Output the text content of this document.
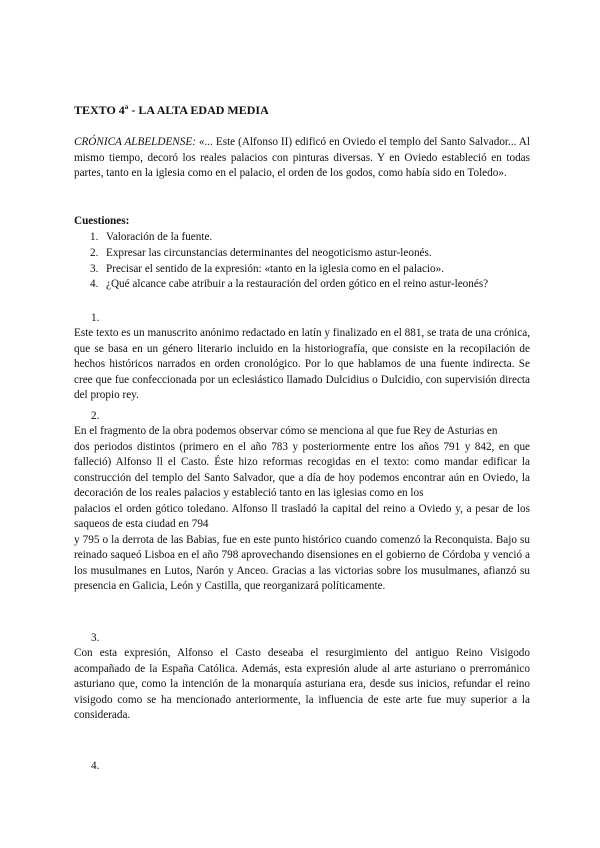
TEXTO 4ª - LA ALTA EDAD MEDIA
CRÓNICA ALBELDENSE: «... Este (Alfonso II) edificó en Oviedo el templo del Santo Salvador... Al mismo tiempo, decoró los reales palacios con pinturas diversas. Y en Oviedo estableció en todas partes, tanto en la iglesia como en el palacio, el orden de los godos, como había sido en Toledo».
Cuestiones:
1. Valoración de la fuente.
2. Expresar las circunstancias determinantes del neogoticismo astur-leonés.
3. Precisar el sentido de la expresión: «tanto en la iglesia como en el palacio».
4. ¿Qué alcance cabe atribuir a la restauración del orden gótico en el reino astur-leonés?
1.

Este texto es un manuscrito anónimo redactado en latín y finalizado en el 881, se trata de una crónica, que se basa en un género literario incluido en la historiografía, que consiste en la recopilación de hechos históricos narrados en orden cronológico. Por lo que hablamos de una fuente indirecta. Se cree que fue confeccionada por un eclesiástico llamado Dulcidius o Dulcidio, con supervisión directa del propio rey.

2.

En el fragmento de la obra podemos observar cómo se menciona al que fue Rey de Asturias en

dos periodos distintos (primero en el año 783 y posteriormente entre los años 791 y 842, en que falleció) Alfonso ll el Casto. Éste hizo reformas recogidas en el texto: como mandar edificar la construcción del templo del Santo Salvador, que a día de hoy podemos encontrar aún en Oviedo, la decoración de los reales palacios y estableció tanto en las iglesias como en los

palacios el orden gótico toledano. Alfonso ll trasladó la capital del reino a Oviedo y, a pesar de los saqueos de esta ciudad en 794

y 795 o la derrota de las Babias, fue en este punto histórico cuando comenzó la Reconquista. Bajo su reinado saqueó Lisboa en el año 798 aprovechando disensiones en el gobierno de Córdoba y venció a los musulmanes en Lutos, Narón y Anceo. Gracias a las victorias sobre los musulmanes, afianzó su presencia en Galicia, León y Castilla, que reorganizará políticamente.

3.

Con esta expresión, Alfonso el Casto deseaba el resurgimiento del antiguo Reino Visigodo acompañado de la España Católica. Además, esta expresión alude al arte asturiano o prerrománico asturiano que, como la intención de la monarquía asturiana era, desde sus inicios, refundar el reino visigodo como se ha mencionado anteriormente, la influencia de este arte fue muy superior a la considerada.

4.
